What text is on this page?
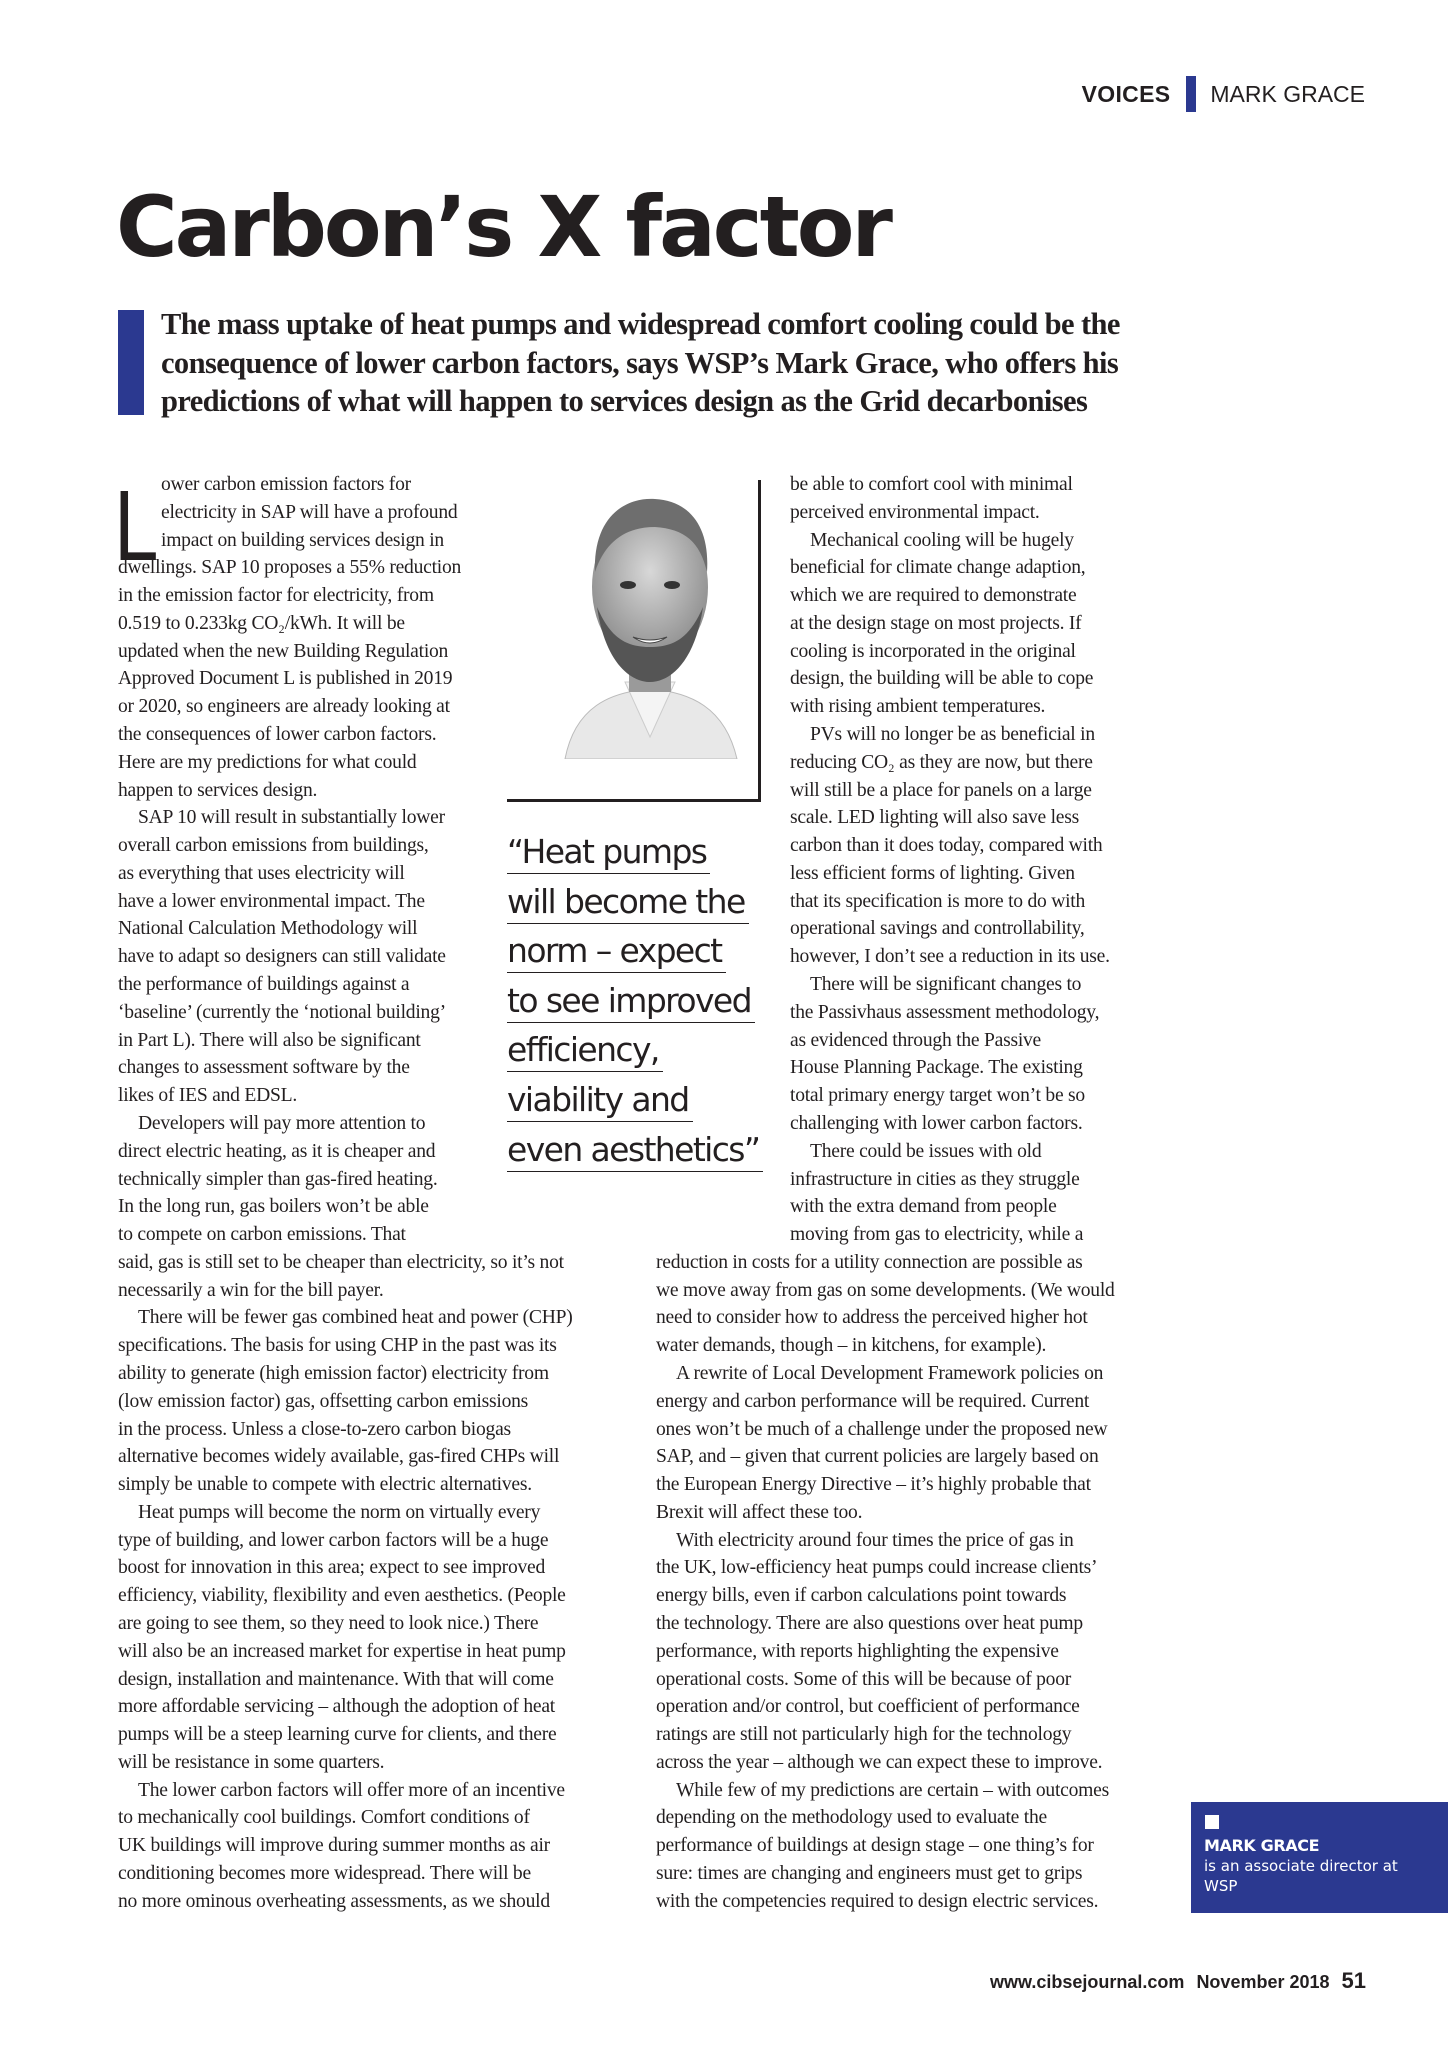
VOICES MARK GRACE
Carbon’s X factor
The mass uptake of heat pumps and widespread comfort cooling could be the consequence of lower carbon factors, says WSP’s Mark Grace, who offers his predictions of what will happen to services design as the Grid decarbonises
L ower carbon emission factors for
electricity in SAP will have a profound
impact on building services design in
dwellings. SAP 10 proposes a 55% reduction
in the emission factor for electricity, from
0.519 to 0.233kg CO₂/kWh. It will be
updated when the new Building Regulation
Approved Document L is published in 2019
or 2020, so engineers are already looking at
the consequences of lower carbon factors.
Here are my predictions for what could
happen to services design.
SAP 10 will result in substantially lower
overall carbon emissions from buildings,
as everything that uses electricity will
have a lower environmental impact. The
National Calculation Methodology will
have to adapt so designers can still validate
the performance of buildings against a
‘baseline’ (currently the ‘notional building’
in Part L). There will also be significant
changes to assessment software by the
likes of IES and EDSL.
Developers will pay more attention to
direct electric heating, as it is cheaper and
technically simpler than gas-fired heating.
In the long run, gas boilers won’t be able
to compete on carbon emissions. That
said, gas is still set to be cheaper than electricity, so it’s not
necessarily a win for the bill payer.
There will be fewer gas combined heat and power (CHP)
specifications. The basis for using CHP in the past was its
ability to generate (high emission factor) electricity from
(low emission factor) gas, offsetting carbon emissions
in the process. Unless a close-to-zero carbon biogas
alternative becomes widely available, gas-fired CHPs will
simply be unable to compete with electric alternatives.
Heat pumps will become the norm on virtually every
type of building, and lower carbon factors will be a huge
boost for innovation in this area; expect to see improved
efficiency, viability, flexibility and even aesthetics. (People
are going to see them, so they need to look nice.) There
will also be an increased market for expertise in heat pump
design, installation and maintenance. With that will come
more affordable servicing – although the adoption of heat
pumps will be a steep learning curve for clients, and there
will be resistance in some quarters.
The lower carbon factors will offer more of an incentive
to mechanically cool buildings. Comfort conditions of
UK buildings will improve during summer months as air
conditioning becomes more widespread. There will be
no more ominous overheating assessments, as we should
be able to comfort cool with minimal
perceived environmental impact.
Mechanical cooling will be hugely
beneficial for climate change adaption,
which we are required to demonstrate
at the design stage on most projects. If
cooling is incorporated in the original
design, the building will be able to cope
with rising ambient temperatures.
PVs will no longer be as beneficial in
reducing CO₂ as they are now, but there
will still be a place for panels on a large
scale. LED lighting will also save less
carbon than it does today, compared with
less efficient forms of lighting. Given
that its specification is more to do with
operational savings and controllability,
however, I don’t see a reduction in its use.
There will be significant changes to
the Passivhaus assessment methodology,
as evidenced through the Passive
House Planning Package. The existing
total primary energy target won’t be so
challenging with lower carbon factors.
There could be issues with old
infrastructure in cities as they struggle
with the extra demand from people
moving from gas to electricity, while a
reduction in costs for a utility connection are possible as
we move away from gas on some developments. (We would
need to consider how to address the perceived higher hot
water demands, though – in kitchens, for example).
A rewrite of Local Development Framework policies on
energy and carbon performance will be required. Current
ones won’t be much of a challenge under the proposed new
SAP, and – given that current policies are largely based on
the European Energy Directive – it’s highly probable that
Brexit will affect these too.
With electricity around four times the price of gas in
the UK, low-efficiency heat pumps could increase clients’
energy bills, even if carbon calculations point towards
the technology. There are also questions over heat pump
performance, with reports highlighting the expensive
operational costs. Some of this will be because of poor
operation and/or control, but coefficient of performance
ratings are still not particularly high for the technology
across the year – although we can expect these to improve.
While few of my predictions are certain – with outcomes
depending on the methodology used to evaluate the
performance of buildings at design stage – one thing’s for
sure: times are changing and engineers must get to grips
with the competencies required to design electric services.
“Heat pumps
will become the
norm – expect
to see improved
efficiency,
viability and
even aesthetics”
MARK GRACE
is an associate director at WSP
www.cibsejournal.com November 2018 51
